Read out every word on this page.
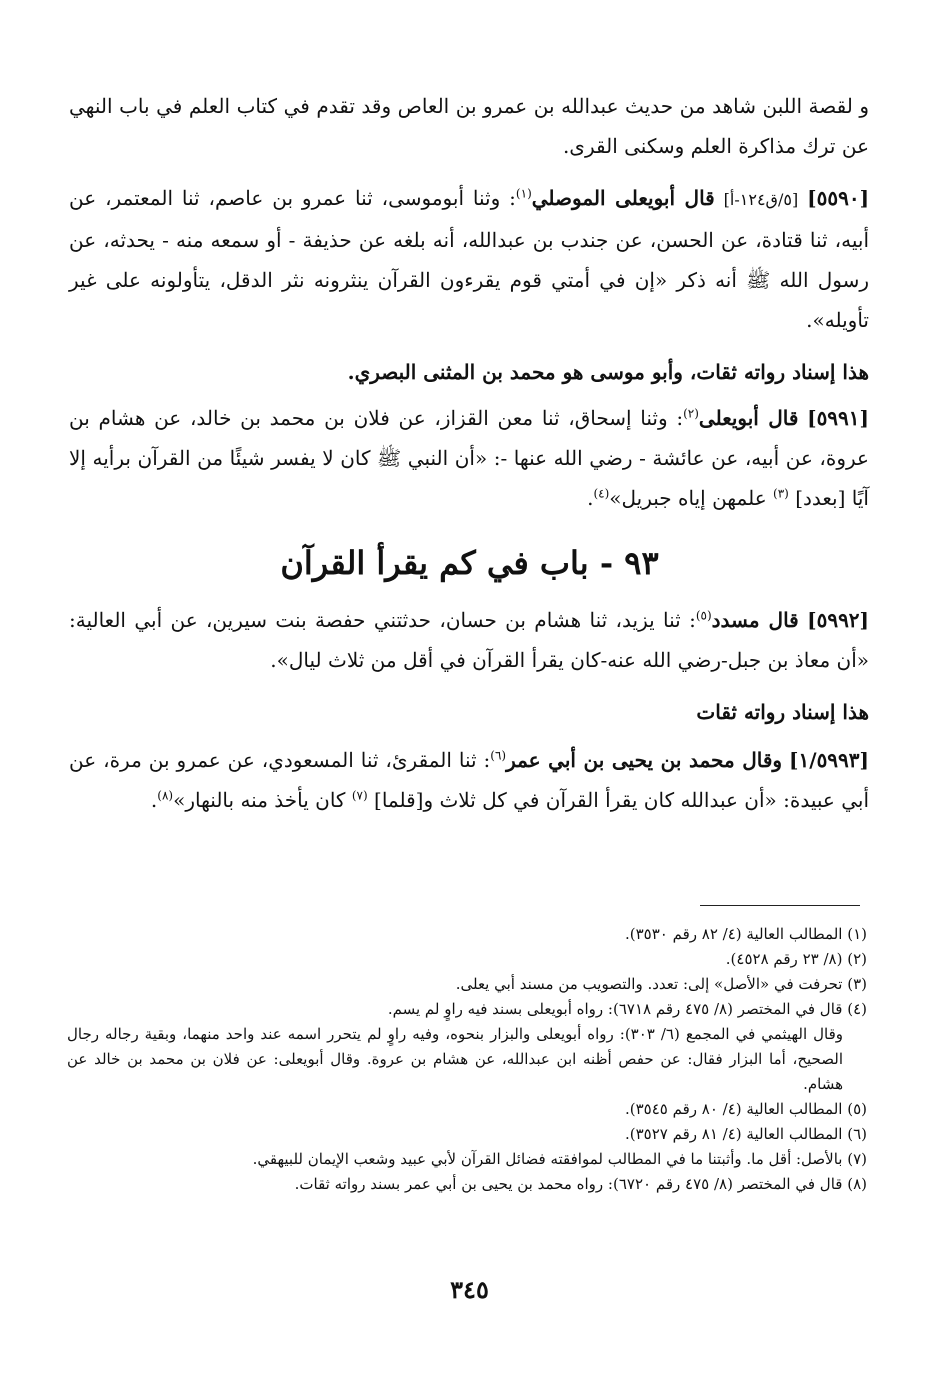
و لقصة اللبن شاهد من حديث عبدالله بن عمرو بن العاص وقد تقدم في كتاب العلم في باب النهي عن ترك مذاكرة العلم وسكنى القرى.
[٥٥٩٠] [٥/ق١٢٤-أ] قال أبويعلى الموصلي$^{(١)}$: وثنا أبوموسى، ثنا عمرو بن عاصم، ثنا المعتمر، عن أبيه، ثنا قتادة، عن الحسن، عن جندب بن عبدالله، أنه بلغه عن حذيفة - أو سمعه منه - يحدثه، عن رسول الله ﷺ أنه ذكر «إن في أمتي قوم يقرءون القرآن ينثرونه نثر الدقل، يتأولونه على غير تأويله».
هذا إسناد رواته ثقات، وأبو موسى هو محمد بن المثنى البصري.
[٥٩٩١] قال أبويعلى$^{(٢)}$: وثنا إسحاق، ثنا معن القزاز، عن فلان بن محمد بن خالد، عن هشام بن عروة، عن أبيه، عن عائشة - رضي الله عنها -: «أن النبي ﷺ كان لا يفسر شيئًا من القرآن برأيه إلا آيًا [بعدد] $^{(٣)}$ علمهن إياه جبريل»$^{(٤)}$.
٩٣ - باب في كم يقرأ القرآن
[٥٩٩٢] قال مسدد$^{(٥)}$: ثنا يزيد، ثنا هشام بن حسان، حدثتني حفصة بنت سيرين، عن أبي العالية: «أن معاذ بن جبل-رضي الله عنه-كان يقرأ القرآن في أقل من ثلاث ليال».
هذا إسناد رواته ثقات
[١/٥٩٩٣] وقال محمد بن يحيى بن أبي عمر$^{(٦)}$: ثنا المقرئ، ثنا المسعودي، عن عمرو بن مرة، عن أبي عبيدة: «أن عبدالله كان يقرأ القرآن في كل ثلاث و[قلما] $^{(٧)}$ كان يأخذ منه بالنهار»$^{(٨)}$.

(١) المطالب العالية (٤/ ٨٢ رقم ٣٥٣٠).

(٢) (٨/ ٢٣ رقم ٤٥٢٨).

(٣) تحرفت في «الأصل» إلى: تعدد. والتصويب من مسند أبي يعلى.

(٤) قال في المختصر (٨/ ٤٧٥ رقم ٦٧١٨): رواه أبويعلى بسند فيه راوٍ لم يسم.

وقال الهيثمي في المجمع (٦/ ٣٠٣): رواه أبويعلى والبزار بنحوه، وفيه راوٍ لم يتحرر اسمه عند واحد منهما، وبقية رجاله رجال الصحيح، أما البزار فقال: عن حفص أظنه ابن عبدالله، عن هشام بن عروة. وقال أبويعلى: عن فلان بن محمد بن خالد عن هشام.

(٥) المطالب العالية (٤/ ٨٠ رقم ٣٥٤٥).

(٦) المطالب العالية (٤/ ٨١ رقم ٣٥٢٧).

(٧) بالأصل: أقل ما. وأثبتنا ما في المطالب لموافقته فضائل القرآن لأبي عبيد وشعب الإيمان للبيهقي.

(٨) قال في المختصر (٨/ ٤٧٥ رقم ٦٧٢٠): رواه محمد بن يحيى بن أبي عمر بسند رواته ثقات.

٣٤٥
